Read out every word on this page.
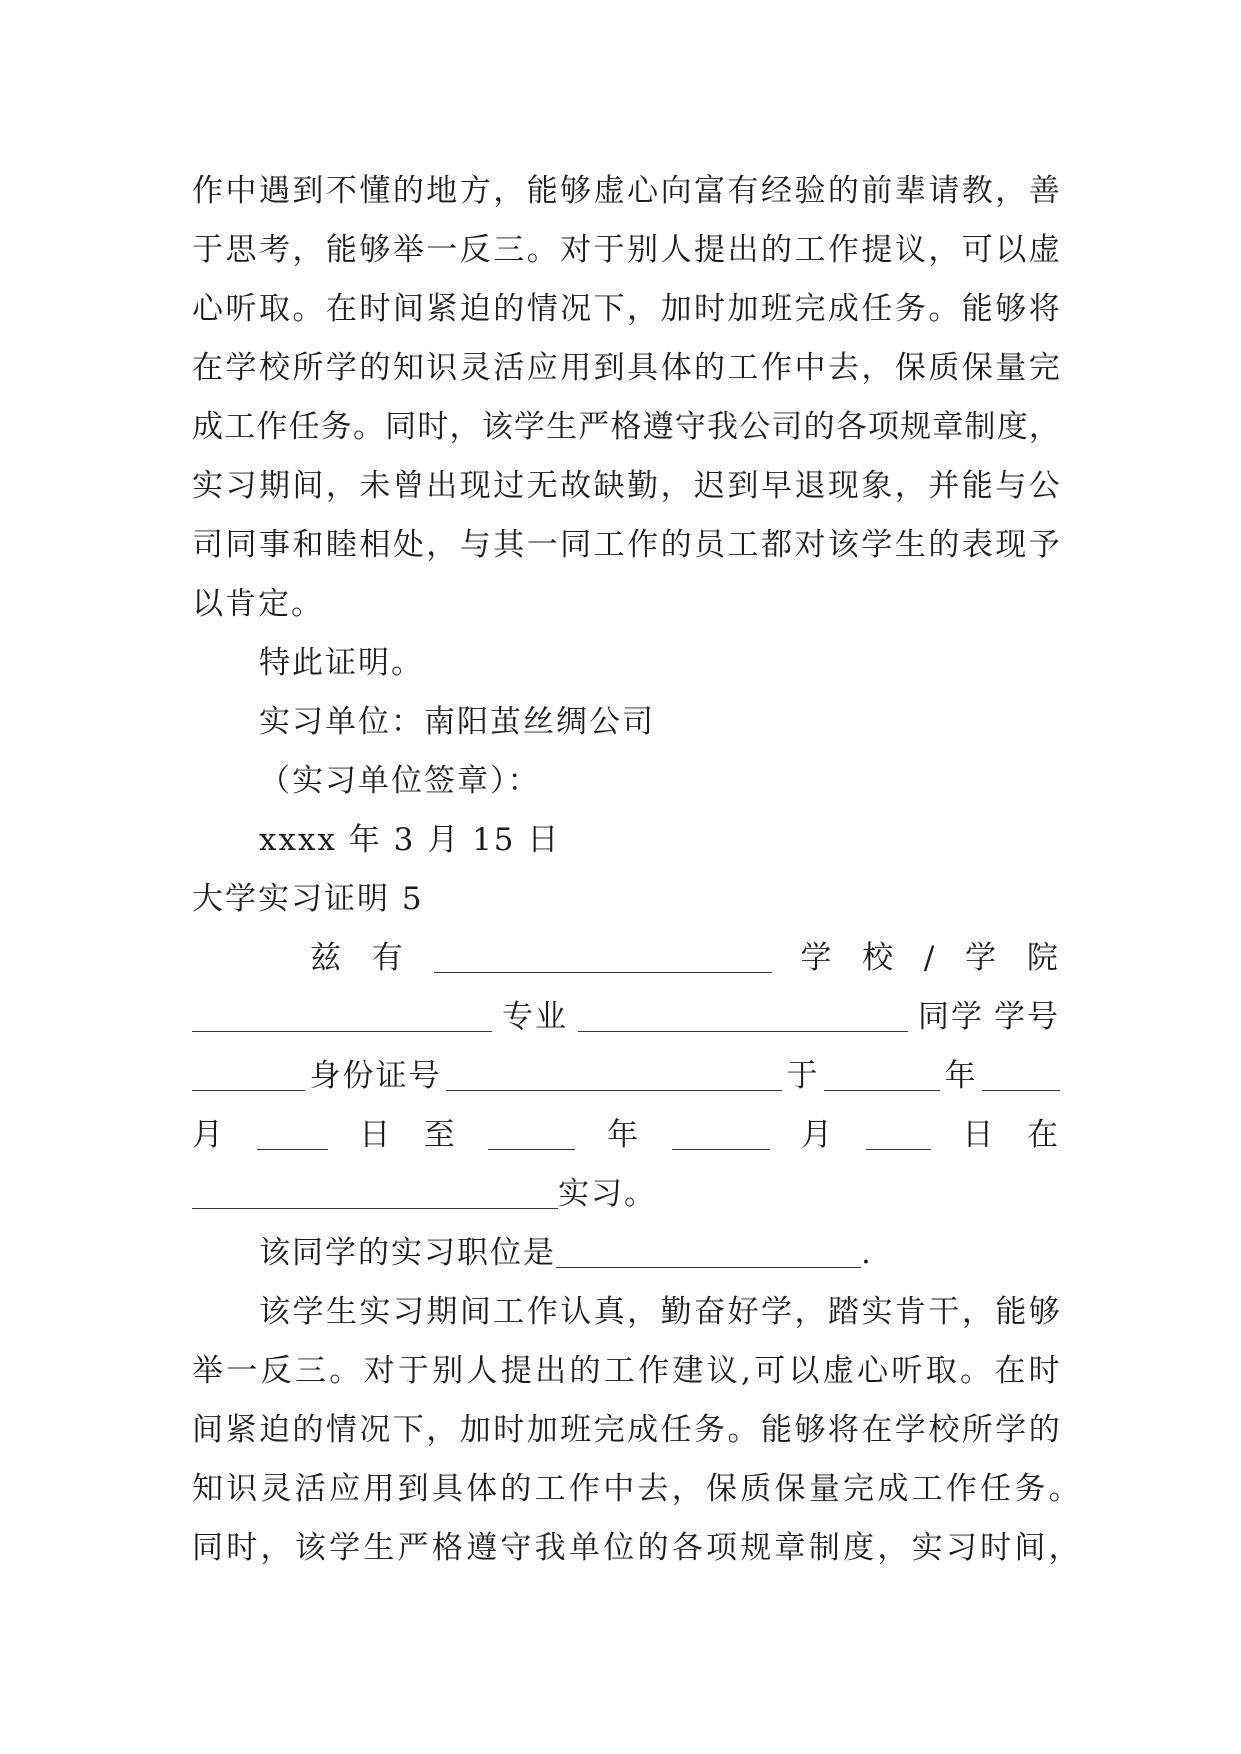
作 中 遇 到 不 懂 的 地 方 ， 能 够 虚 心 向 富 有 经 验 的 前 辈 请 教 ， 善
于 思 考 ， 能 够 举 一 反 三 。 对 于 别 人 提 出 的 工 作 提 议 ， 可 以 虚
心 听 取 。 在 时 间 紧 迫 的 情 况 下 ， 加 时 加 班 完 成 任 务 。 能 够 将
在 学 校 所 学 的 知 识 灵 活 应 用 到 具 体 的 工 作 中 去 ， 保 质 保 量 完
成 工 作 任 务 。 同 时 ， 该 学 生 严 格 遵 守 我 公 司 的 各 项 规 章 制 度 ，
实 习 期 间 ， 未 曾 出 现 过 无 故 缺 勤 ， 迟 到 早 退 现 象 ， 并 能 与 公
司 同 事 和 睦 相 处 ， 与 其 一 同 工 作 的 员 工 都 对 该 学 生 的 表 现 予
以肯定。
特此证明。
实习单位：南阳茧丝绸公司
（实习单位签章）：
xxxx 年 3 月 15 日
大学实习证明 5
兹 有	学 校 / 学 院
专业	同学 学号
身份证号	于	年
月	日 至	年	月	日 在
实习。
该同学的实习职位是	.
该 学 生 实 习 期 间 工 作 认 真 ， 勤 奋 好 学 ， 踏 实 肯 干 ， 能 够
举 一 反 三 。 对 于 别 人 提 出 的 工 作 建 议 , 可 以 虚 心 听 取 。 在 时
间 紧 迫 的 情 况 下 ， 加 时 加 班 完 成 任 务 。 能 够 将 在 学 校 所 学 的
知 识 灵 活 应 用 到 具 体 的 工 作 中 去 ， 保 质 保 量 完 成 工 作 任 务 。
同 时 ， 该 学 生 严 格 遵 守 我 单 位 的 各 项 规 章 制 度 ， 实 习 时 间 ，
